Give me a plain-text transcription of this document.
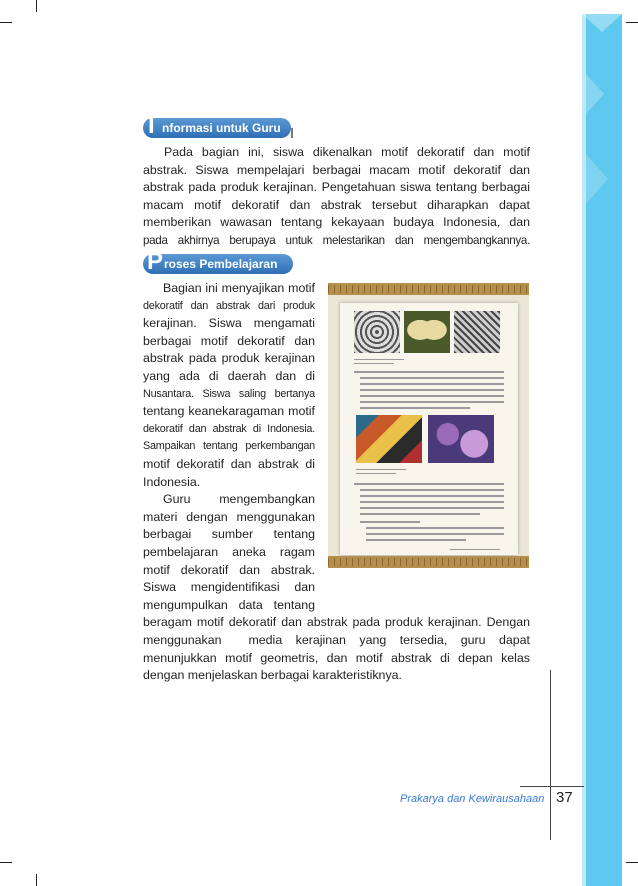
I nformasi untuk Guru
Pada bagian ini, siswa dikenalkan motif dekoratif dan motif
abstrak. Siswa mempelajari berbagai macam motif dekoratif dan
abstrak pada produk kerajinan. Pengetahuan siswa tentang berbagai
macam motif dekoratif dan abstrak tersebut diharapkan dapat
memberikan wawasan tentang kekayaan budaya Indonesia, dan
pada akhirnya berupaya untuk melestarikan dan mengembangkannya.
P roses Pembelajaran
Bagian ini menyajikan motif
dekoratif dan abstrak dari produk
kerajinan. Siswa mengamati
berbagai motif dekoratif dan
abstrak pada produk kerajinan
yang ada di daerah dan di
Nusantara. Siswa saling bertanya
tentang keanekaragaman motif
dekoratif dan abstrak di Indonesia.
Sampaikan tentang perkembangan
motif dekoratif dan abstrak di
Indonesia.
Guru mengembangkan
materi dengan menggunakan
berbagai sumber tentang
pembelajaran aneka ragam
motif dekoratif dan abstrak.
Siswa mengidentifikasi dan
mengumpulkan data tentang
beragam motif dekoratif dan abstrak pada produk kerajinan. Dengan
menggunakan  media kerajinan yang tersedia, guru dapat
menunjukkan motif geometris, dan motif abstrak di depan kelas
dengan menjelaskan berbagai karakteristiknya.
Prakarya dan Kewirausahaan 37
